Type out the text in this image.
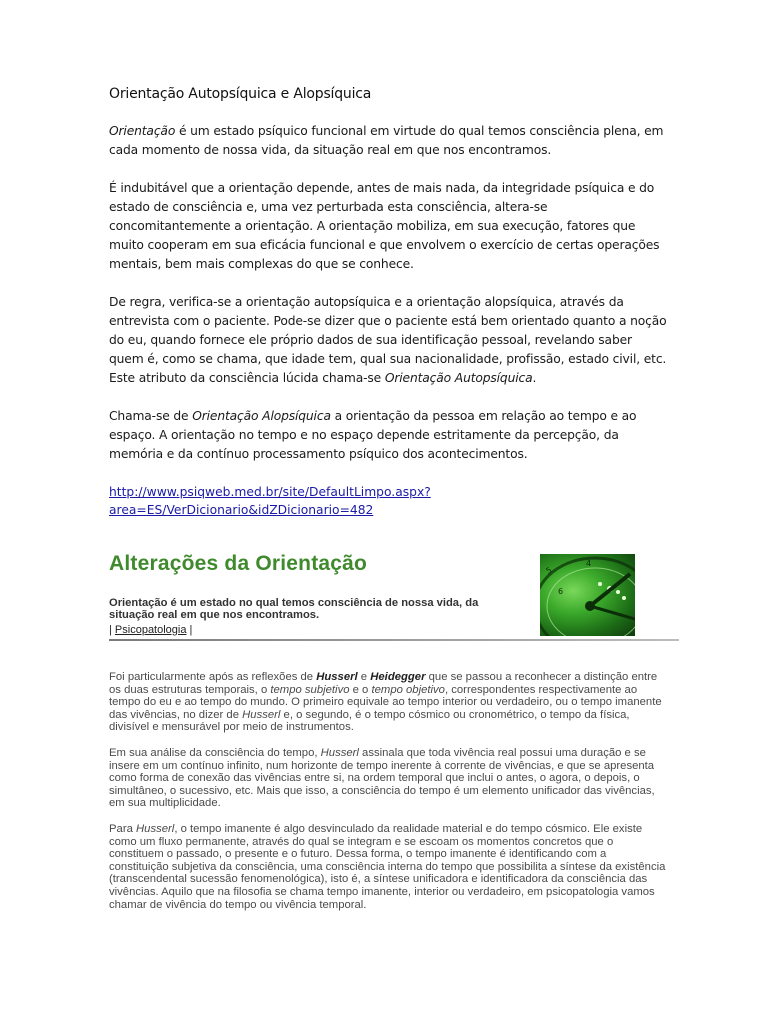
Orientação Autopsíquica e Alopsíquica

Orientação é um estado psíquico funcional em virtude do qual temos consciência plena, em cada momento de nossa vida, da situação real em que nos encontramos.

É indubitável que a orientação depende, antes de mais nada, da integridade psíquica e do estado de consciência e, uma vez perturbada esta consciência, altera-se concomitantemente a orientação. A orientação mobiliza, em sua execução, fatores que muito cooperam em sua eficácia funcional e que envolvem o exercício de certas operações mentais, bem mais complexas do que se conhece.

De regra, verifica-se a orientação autopsíquica e a orientação alopsíquica, através da entrevista com o paciente. Pode-se dizer que o paciente está bem orientado quanto a noção do eu, quando fornece ele próprio dados de sua identificação pessoal, revelando saber quem é, como se chama, que idade tem, qual sua nacionalidade, profissão, estado civil, etc. Este atributo da consciência lúcida chama-se Orientação Autopsíquica.

Chama-se de Orientação Alopsíquica a orientação da pessoa em relação ao tempo e ao espaço. A orientação no tempo e no espaço depende estritamente da percepção, da memória e da contínuo processamento psíquico dos acontecimentos.

http://www.psiqweb.med.br/site/DefaultLimpo.aspx?
area=ES/VerDicionario&idZDicionario=482
Alterações da Orientação
Orientação é um estado no qual temos consciência de nossa vida, da situação real em que nos encontramos.
| Psicopatologia |
5
6
4

Foi particularmente após as reflexões de Husserl e Heidegger que se passou a reconhecer a distinção entre os duas estruturas temporais, o tempo subjetivo e o tempo objetivo, correspondentes respectivamente ao tempo do eu e ao tempo do mundo. O primeiro equivale ao tempo interior ou verdadeiro, ou o tempo imanente das vivências, no dizer de Husserl e, o segundo, é o tempo cósmico ou cronométrico, o tempo da física, divisível e mensurável por meio de instrumentos.

Em sua análise da consciência do tempo, Husserl assinala que toda vivência real possui uma duração e se insere em um contínuo infinito, num horizonte de tempo inerente à corrente de vivências, e que se apresenta como forma de conexão das vivências entre si, na ordem temporal que inclui o antes, o agora, o depois, o simultâneo, o sucessivo, etc. Mais que isso, a consciência do tempo é um elemento unificador das vivências, em sua multiplicidade.

Para Husserl, o tempo imanente é algo desvinculado da realidade material e do tempo cósmico. Ele existe como um fluxo permanente, através do qual se integram e se escoam os momentos concretos que o constituem o passado, o presente e o futuro. Dessa forma, o tempo imanente é identificando com a constituição subjetiva da consciência, uma consciência interna do tempo que possibilita a síntese da existência (transcendental sucessão fenomenológica), isto é, a síntese unificadora e identificadora da consciência das vivências. Aquilo que na filosofia se chama tempo imanente, interior ou verdadeiro, em psicopatologia vamos chamar de vivência do tempo ou vivência temporal.
